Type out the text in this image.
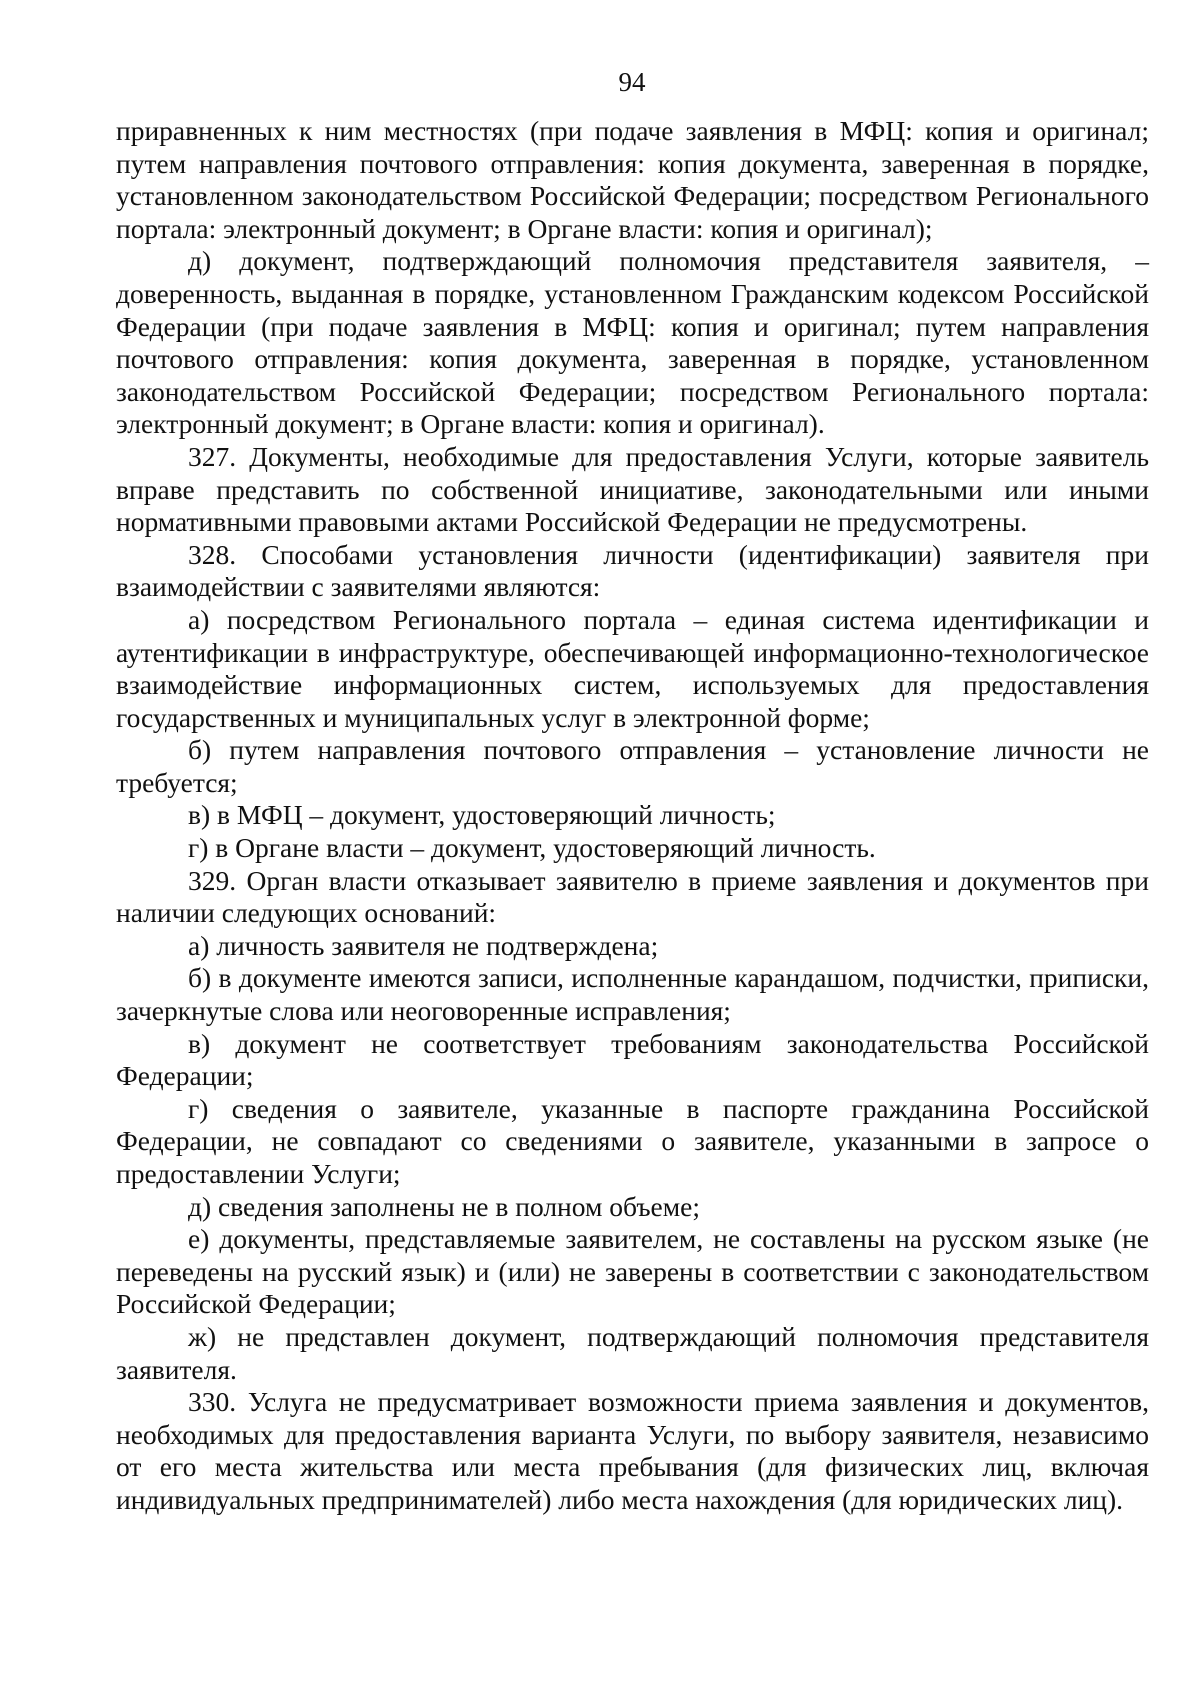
94

приравненных к ним местностях (при подаче заявления в МФЦ: копия и оригинал; путем направления почтового отправления: копия документа, заверенная в порядке, установленном законодательством Российской Федерации; посредством Регионального портала: электронный документ; в Органе власти: копия и оригинал);

д) документ, подтверждающий полномочия представителя заявителя, – доверенность, выданная в порядке, установленном Гражданским кодексом Российской Федерации (при подаче заявления в МФЦ: копия и оригинал; путем направления почтового отправления: копия документа, заверенная в порядке, установленном законодательством Российской Федерации; посредством Регионального портала: электронный документ; в Органе власти: копия и оригинал).

327. Документы, необходимые для предоставления Услуги, которые заявитель вправе представить по собственной инициативе, законодательными или иными нормативными правовыми актами Российской Федерации не предусмотрены.

328. Способами установления личности (идентификации) заявителя при взаимодействии с заявителями являются:

а) посредством Регионального портала – единая система идентификации и аутентификации в инфраструктуре, обеспечивающей информационно-технологическое взаимодействие информационных систем, используемых для предоставления государственных и муниципальных услуг в электронной форме;

б) путем направления почтового отправления – установление личности не требуется;

в) в МФЦ – документ, удостоверяющий личность;

г) в Органе власти – документ, удостоверяющий личность.

329. Орган власти отказывает заявителю в приеме заявления и документов при наличии следующих оснований:

а) личность заявителя не подтверждена;

б) в документе имеются записи, исполненные карандашом, подчистки, приписки, зачеркнутые слова или неоговоренные исправления;

в) документ не соответствует требованиям законодательства Российской Федерации;

г) сведения о заявителе, указанные в паспорте гражданина Российской Федерации, не совпадают со сведениями о заявителе, указанными в запросе о предоставлении Услуги;

д) сведения заполнены не в полном объеме;

е) документы, представляемые заявителем, не составлены на русском языке (не переведены на русский язык) и (или) не заверены в соответствии с законодательством Российской Федерации;

ж) не представлен документ, подтверждающий полномочия представителя заявителя.

330. Услуга не предусматривает возможности приема заявления и документов, необходимых для предоставления варианта Услуги, по выбору заявителя, независимо от его места жительства или места пребывания (для физических лиц, включая индивидуальных предпринимателей) либо места нахождения (для юридических лиц).
